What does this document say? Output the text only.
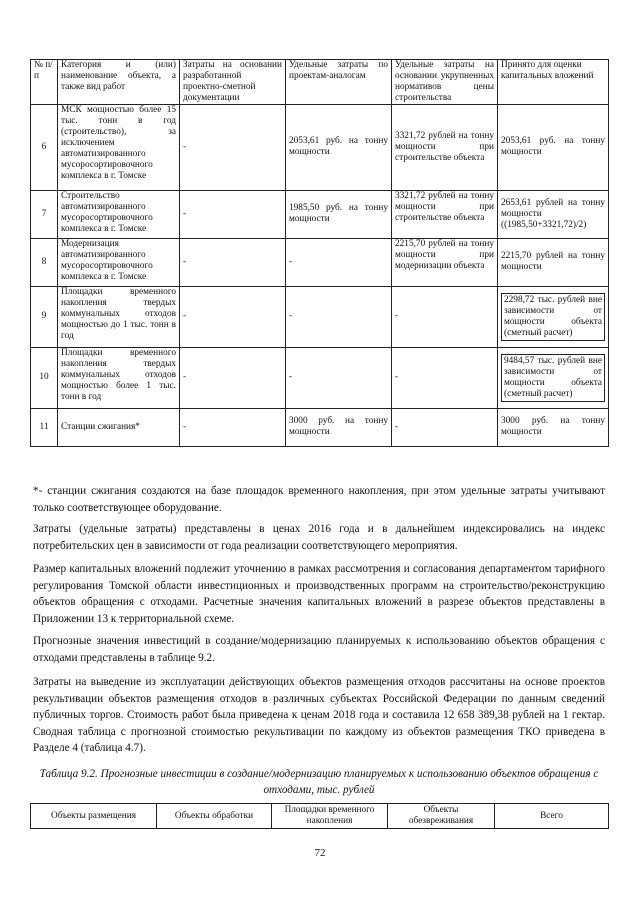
№ п/п	Категория и (или) наименование объекта, а также вид работ	Затраты на основании разработанной проектно-сметной документации	Удельные затраты по проектам-аналогам	Удельные затраты на основании укрупненных нормативов цены строительства	Принято для оценки капитальных вложений
6	МСК мощностью более 15 тыс. тонн в год (строительство), за исключением автоматизированного мусоросортировочного комплекса в г. Томске	-	2053,61 руб. на тонну мощности	3321,72 рублей на тонну мощности при строительстве объекта	2053,61 руб. на тонну мощности
7	Строительство автоматизированного мусоросортировочного комплекса в г. Томске	-	1985,50 руб. на тонну мощности	3321,72 рублей на тонну мощности при строительстве объекта	2653,61 рублей на тонну мощности ((1985,50+3321,72)/2)
8	Модернизация автоматизированного мусоросортировочного комплекса в г. Томске	-	-	2215,70 рублей на тонну мощности при модернизации объекта	2215,70 рублей на тонну мощности
9	Площадки временного накопления твердых коммунальных отходов мощностью до 1 тыс. тонн в год	-	-	-	2298,72 тыс. рублей вне зависимости от мощности объекта (сметный расчет)

10	Площадки временного накопления твердых коммунальных отходов мощностью более 1 тыс. тонн в год	-	-	-	9484,57 тыс. рублей вне зависимости от мощности объекта (сметный расчет)

11	Станции сжигания*	-	3000 руб. на тонну мощности	-	3000 руб. на тонну мощности

*- станции сжигания создаются на базе площадок временного накопления, при этом удельные затраты учитывают только соответствующее оборудование.

Затраты (удельные затраты) представлены в ценах 2016 года и в дальнейшем индексировались на индекс потребительских цен в зависимости от года реализации соответствующего мероприятия.

Размер капитальных вложений подлежит уточнению в рамках рассмотрения и согласования департаментом тарифного регулирования Томской области инвестиционных и производственных программ на строительство/реконструкцию объектов обращения с отходами. Расчетные значения капитальных вложений в разрезе объектов представлены в Приложении 13 к территориальной схеме.

Прогнозные значения инвестиций в создание/модернизацию планируемых к использованию объектов обращения с отходами представлены в таблице 9.2.

Затраты на выведение из эксплуатации действующих объектов размещения отходов рассчитаны на основе проектов рекультивации объектов размещения отходов в различных субъектах Российской Федерации по данным сведений публичных торгов. Стоимость работ была приведена к ценам 2018 года и составила 12 658 389,38 рублей на 1 гектар. Сводная таблица с прогнозной стоимостью рекультивации по каждому из объектов размещения ТКО приведена в Разделе 4 (таблица 4.7).

Таблица 9.2. Прогнозные инвестиции в создание/модернизацию планируемых к использованию объектов обращения с отходами, тыс. рублей

Объекты размещения	Объекты обработки	Площадки временного накопления	Объекты обезвреживания	Всего
72
